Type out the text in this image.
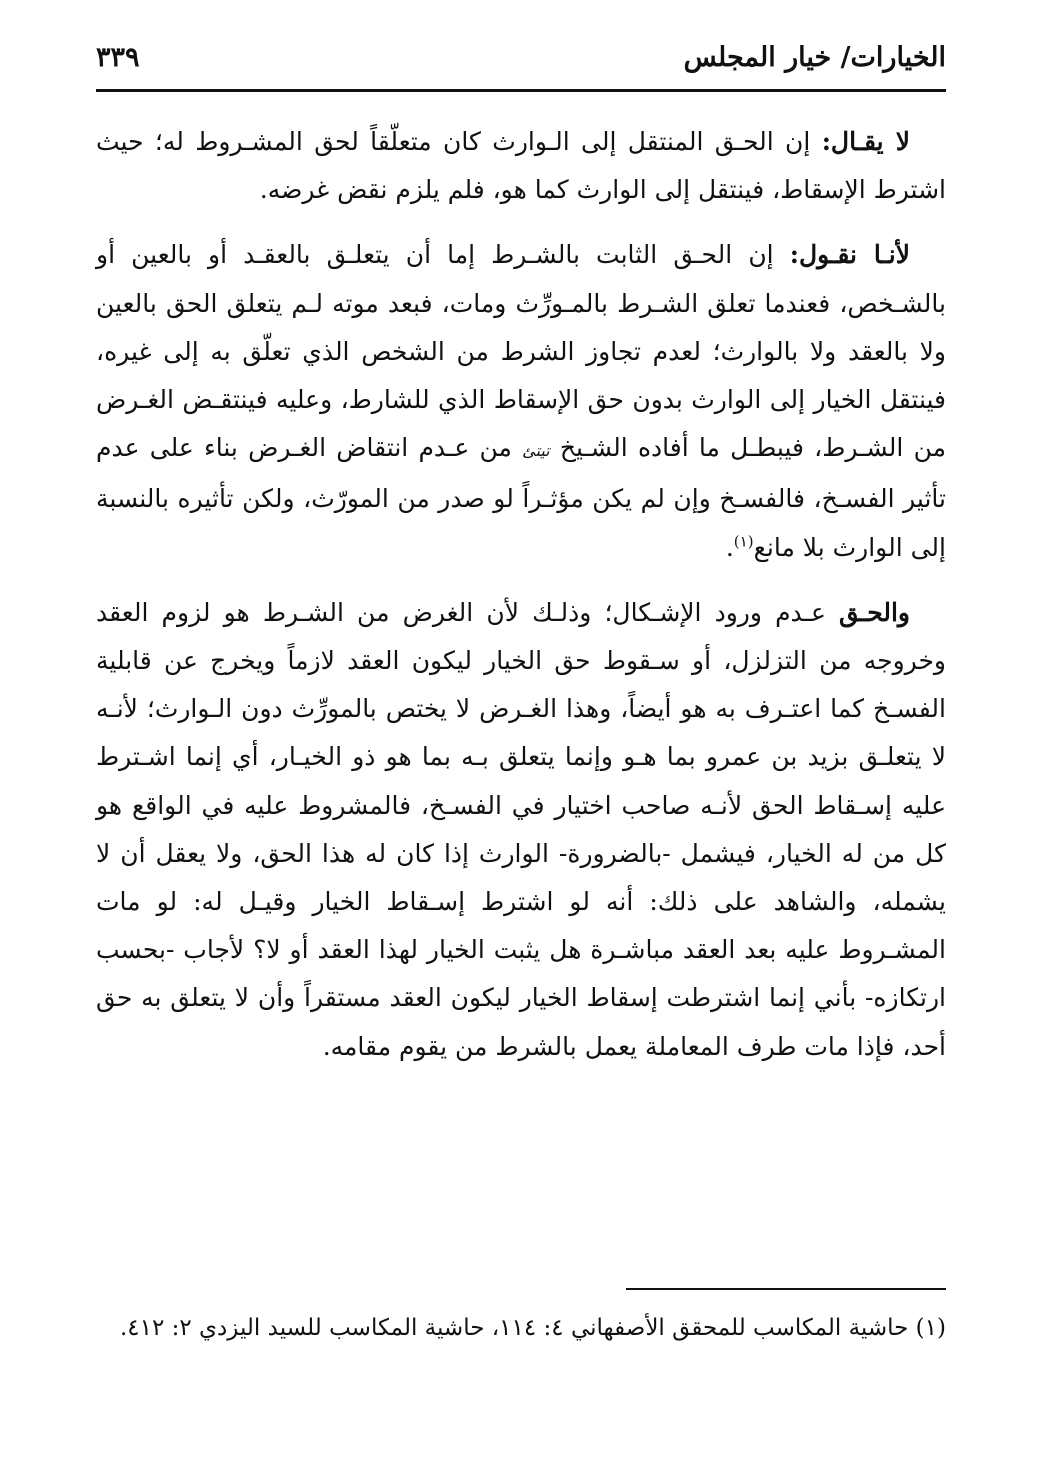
الخيارات/ خيار المجلس
٣٣٩

لا يقـال: إن الحـق المنتقل إلى الـوارث كان متعلّقاً لحق المشـروط له؛ حيث اشترط الإسقاط، فينتقل إلى الوارث كما هو، فلم يلزم نقض غرضه.

لأنـا نقـول: إن الحـق الثابت بالشـرط إما أن يتعلـق بالعقـد أو بالعين أو بالشـخص، فعندما تعلق الشـرط بالمـورِّث ومات، فبعد موته لـم يتعلق الحق بالعين ولا بالعقد ولا بالوارث؛ لعدم تجاوز الشرط من الشخص الذي تعلّق به إلى غيره، فينتقل الخيار إلى الوارث بدون حق الإسقاط الذي للشارط، وعليه فينتقـض الغـرض من الشـرط، فيبطـل ما أفاده الشـيخ ﺗﻴﺘﺊ من عـدم انتقاض الغـرض بناء على عدم تأثير الفسـخ، فالفسـخ وإن لم يكن مؤثـراً لو صدر من المورّث، ولكن تأثيره بالنسبة إلى الوارث بلا مانع$^{(١)}$.

والحـق عـدم ورود الإشـكال؛ وذلـك لأن الغرض من الشـرط هو لزوم العقد وخروجه من التزلزل، أو سـقوط حق الخيار ليكون العقد لازماً ويخرج عن قابلية الفسـخ كما اعتـرف به هو أيضاً، وهذا الغـرض لا يختص بالمورِّث دون الـوارث؛ لأنـه لا يتعلـق بزيد بن عمرو بما هـو وإنما يتعلق بـه بما هو ذو الخيـار، أي إنما اشـترط عليه إسـقاط الحق لأنـه صاحب اختيار في الفسـخ، فالمشروط عليه في الواقع هو كل من له الخيار، فيشمل -بالضرورة- الوارث إذا كان له هذا الحق، ولا يعقل أن لا يشمله، والشاهد على ذلك: أنه لو اشترط إسـقاط الخيار وقيـل له: لو مات المشـروط عليه بعد العقد مباشـرة هل يثبت الخيار لهذا العقد أو لا؟ لأجاب -بحسب ارتكازه- بأني إنما اشترطت إسقاط الخيار ليكون العقد مستقراً وأن لا يتعلق به حق أحد، فإذا مات طرف المعاملة يعمل بالشرط من يقوم مقامه.

(١) حاشية المكاسب للمحقق الأصفهاني ٤: ١١٤، حاشية المكاسب للسيد اليزدي ٢: ٤١٢.
